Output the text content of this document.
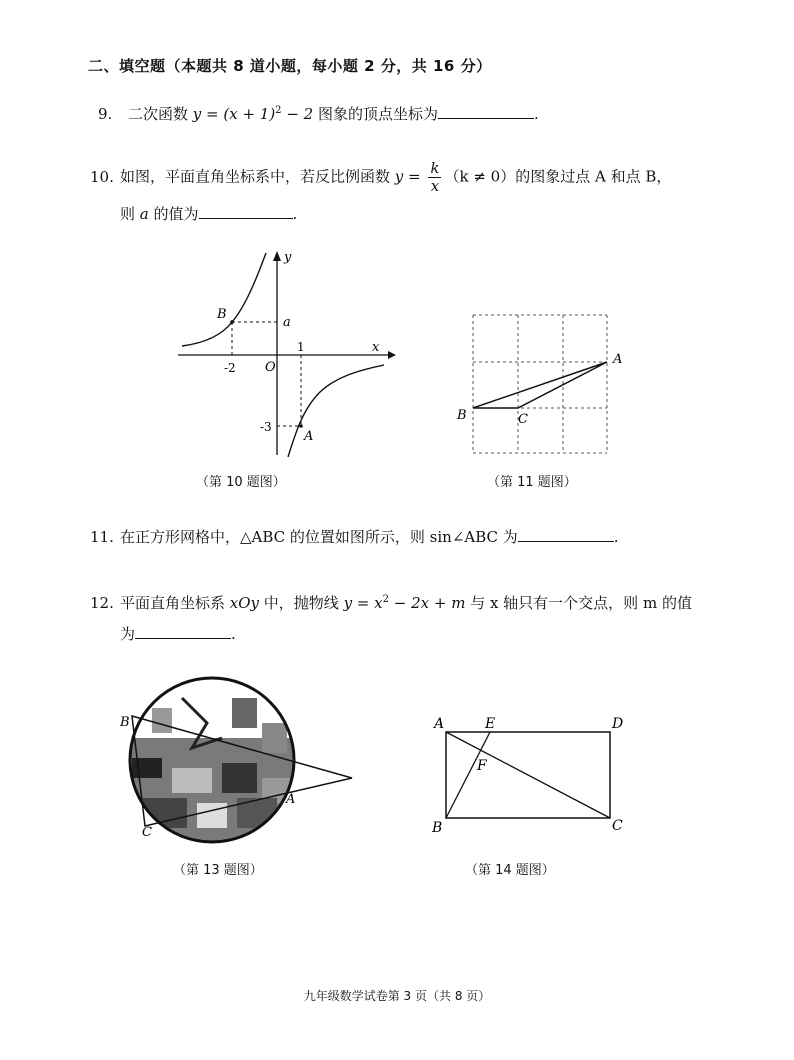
二、填空题（本题共 8 道小题，每小题 2 分，共 16 分）
9. 二次函数 $y = (x + 1)^2 - 2$ 图象的顶点坐标为	.
10. 如图，平面直角坐标系中，若反比例函数 $y = \frac{k}{x} (k \ne 0)$的图象过点 A 和点 B，
则 a 的值为	.
y
x
O
B
a
-2
1
-3
A
（第 10 题图）
A
B	C
（第 11 题图）
11. 在正方形网格中，△ABC 的位置如图所示，则 sin∠ABC 为	.
12. 平面直角坐标系 xOy 中，抛物线 $y = x^2 - 2x + m$ 与 x 轴只有一个交点，则 m 的值
为	.
B
A
C
（第 13 题图）
A	E	D
F
B	C
（第 14 题图）
九年级数学试卷第 3 页（共 8 页）
